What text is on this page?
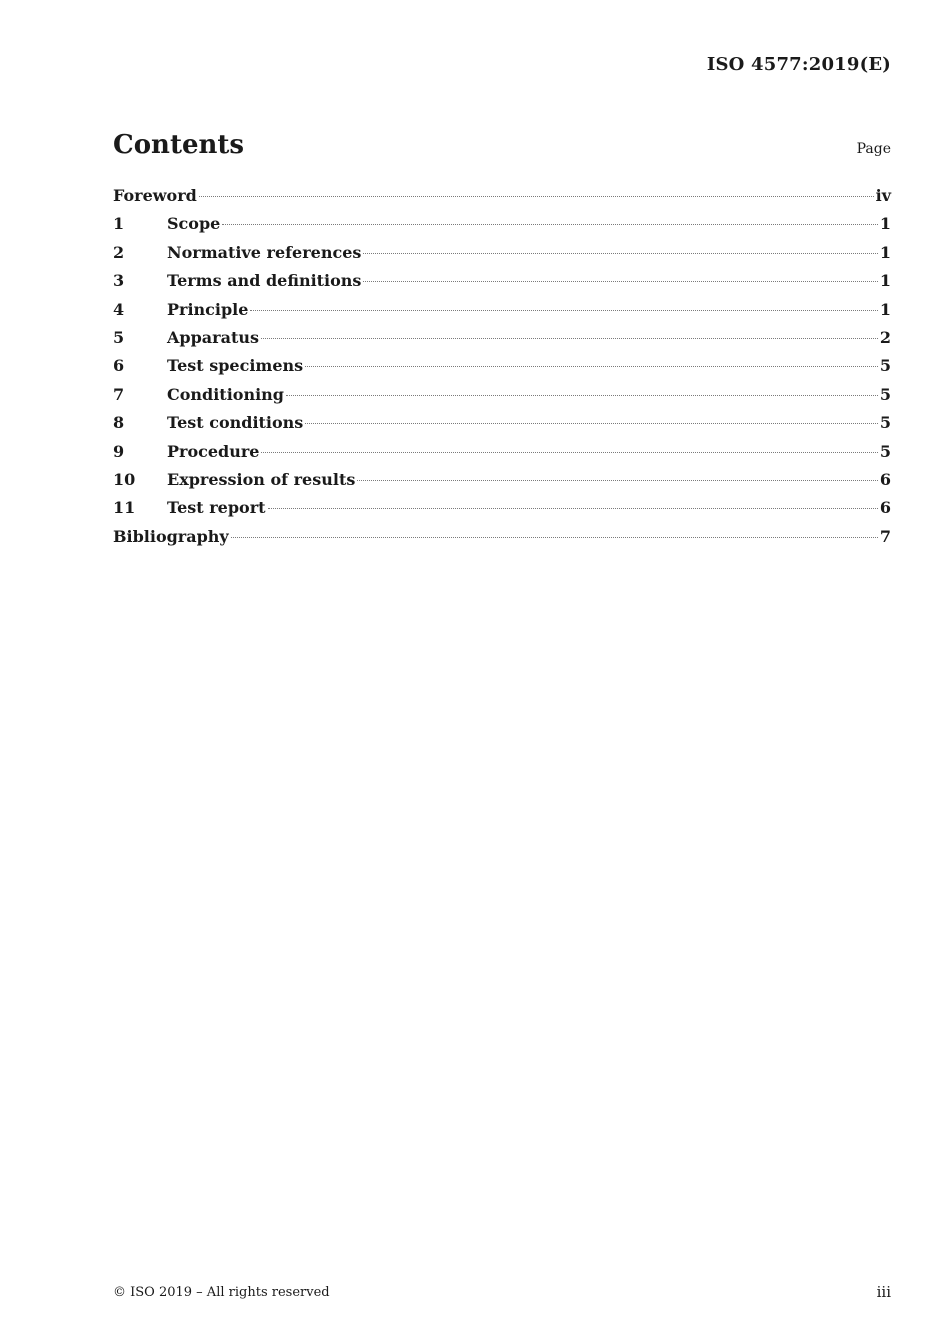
ISO 4577:2019(E)
Contents	Page
Foreword	iv
1	Scope	1
2	Normative references	1
3	Terms and definitions	1
4	Principle	1
5	Apparatus	2
6	Test specimens	5
7	Conditioning	5
8	Test conditions	5
9	Procedure	5
10	Expression of results	6
11	Test report	6
Bibliography	7
© ISO 2019 – All rights reserved	iii
